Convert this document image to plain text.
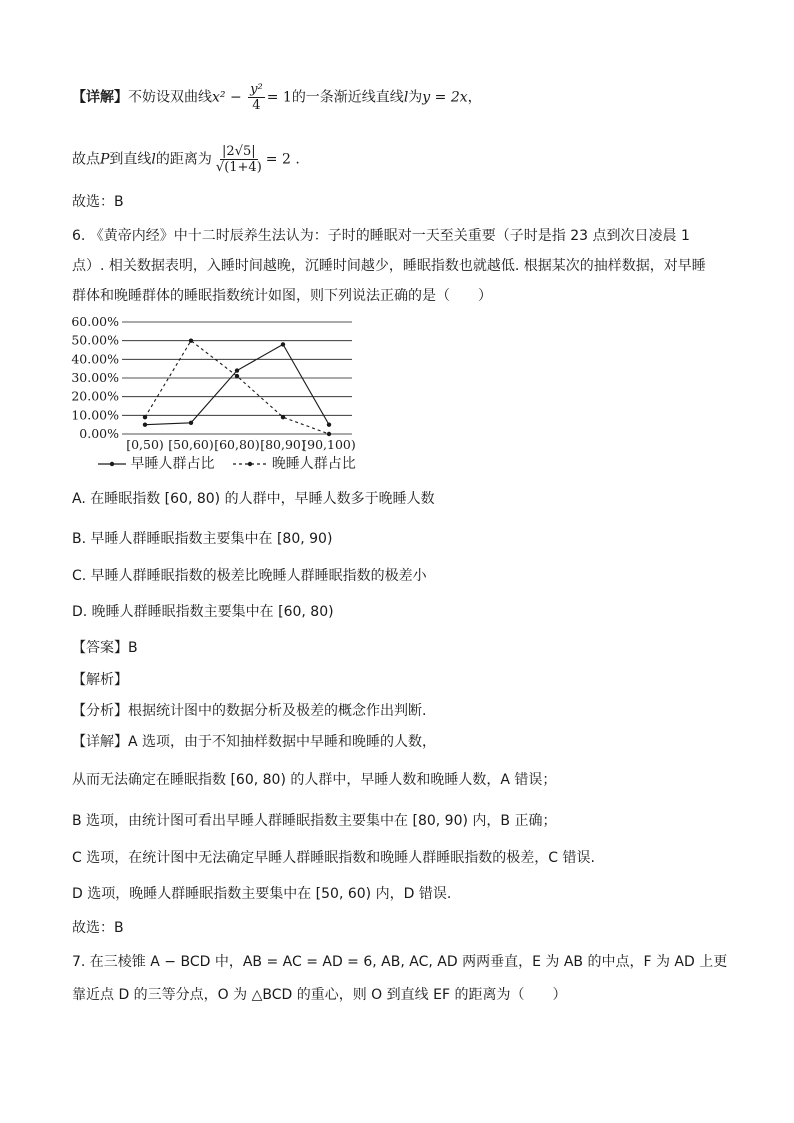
【详解】不妨设双曲线$x^2 - \frac{\text{y²}}{4} = 1$的一条渐近线直线l为y = 2x，
故点P到直线l的距离为 $\frac{|2√5|}{√(1+4)} = 2$ .
故选：B
6. 《黄帝内经》中十二时辰养生法认为：子时的睡眠对一天至关重要（子时是指 23 点到次日凌晨 1
点）. 相关数据表明，入睡时间越晚，沉睡时间越少，睡眠指数也就越低. 根据某次的抽样数据，对早睡
群体和晚睡群体的睡眠指数统计如图，则下列说法正确的是（　　）
60.00%
50.00%
40.00%
30.00%
20.00%
10.00%
0.00%
[0,50) [50,60) [60,80) [80,90)
[90,100)
早睡人群占比	晚睡人群占比
A. 在睡眠指数 [60, 80) 的人群中，早睡人数多于晚睡人数
B. 早睡人群睡眠指数主要集中在 [80, 90)
C. 早睡人群睡眠指数的极差比晚睡人群睡眠指数的极差小
D. 晚睡人群睡眠指数主要集中在 [60, 80)
【答案】B
【解析】
【分析】根据统计图中的数据分析及极差的概念作出判断.
【详解】A 选项，由于不知抽样数据中早睡和晚睡的人数，
从而无法确定在睡眠指数 [60, 80) 的人群中，早睡人数和晚睡人数，A 错误；
B 选项，由统计图可看出早睡人群睡眠指数主要集中在 [80, 90) 内，B 正确；
C 选项，在统计图中无法确定早睡人群睡眠指数和晚睡人群睡眠指数的极差，C 错误.
D 选项，晚睡人群睡眠指数主要集中在 [50, 60) 内，D 错误.
故选：B
7. 在三棱锥 A − BCD 中，AB = AC = AD = 6, AB, AC, AD 两两垂直，E 为 AB 的中点，F 为 AD 上更
靠近点 D 的三等分点，O 为 △BCD 的重心，则 O 到直线 EF 的距离为（　　）
